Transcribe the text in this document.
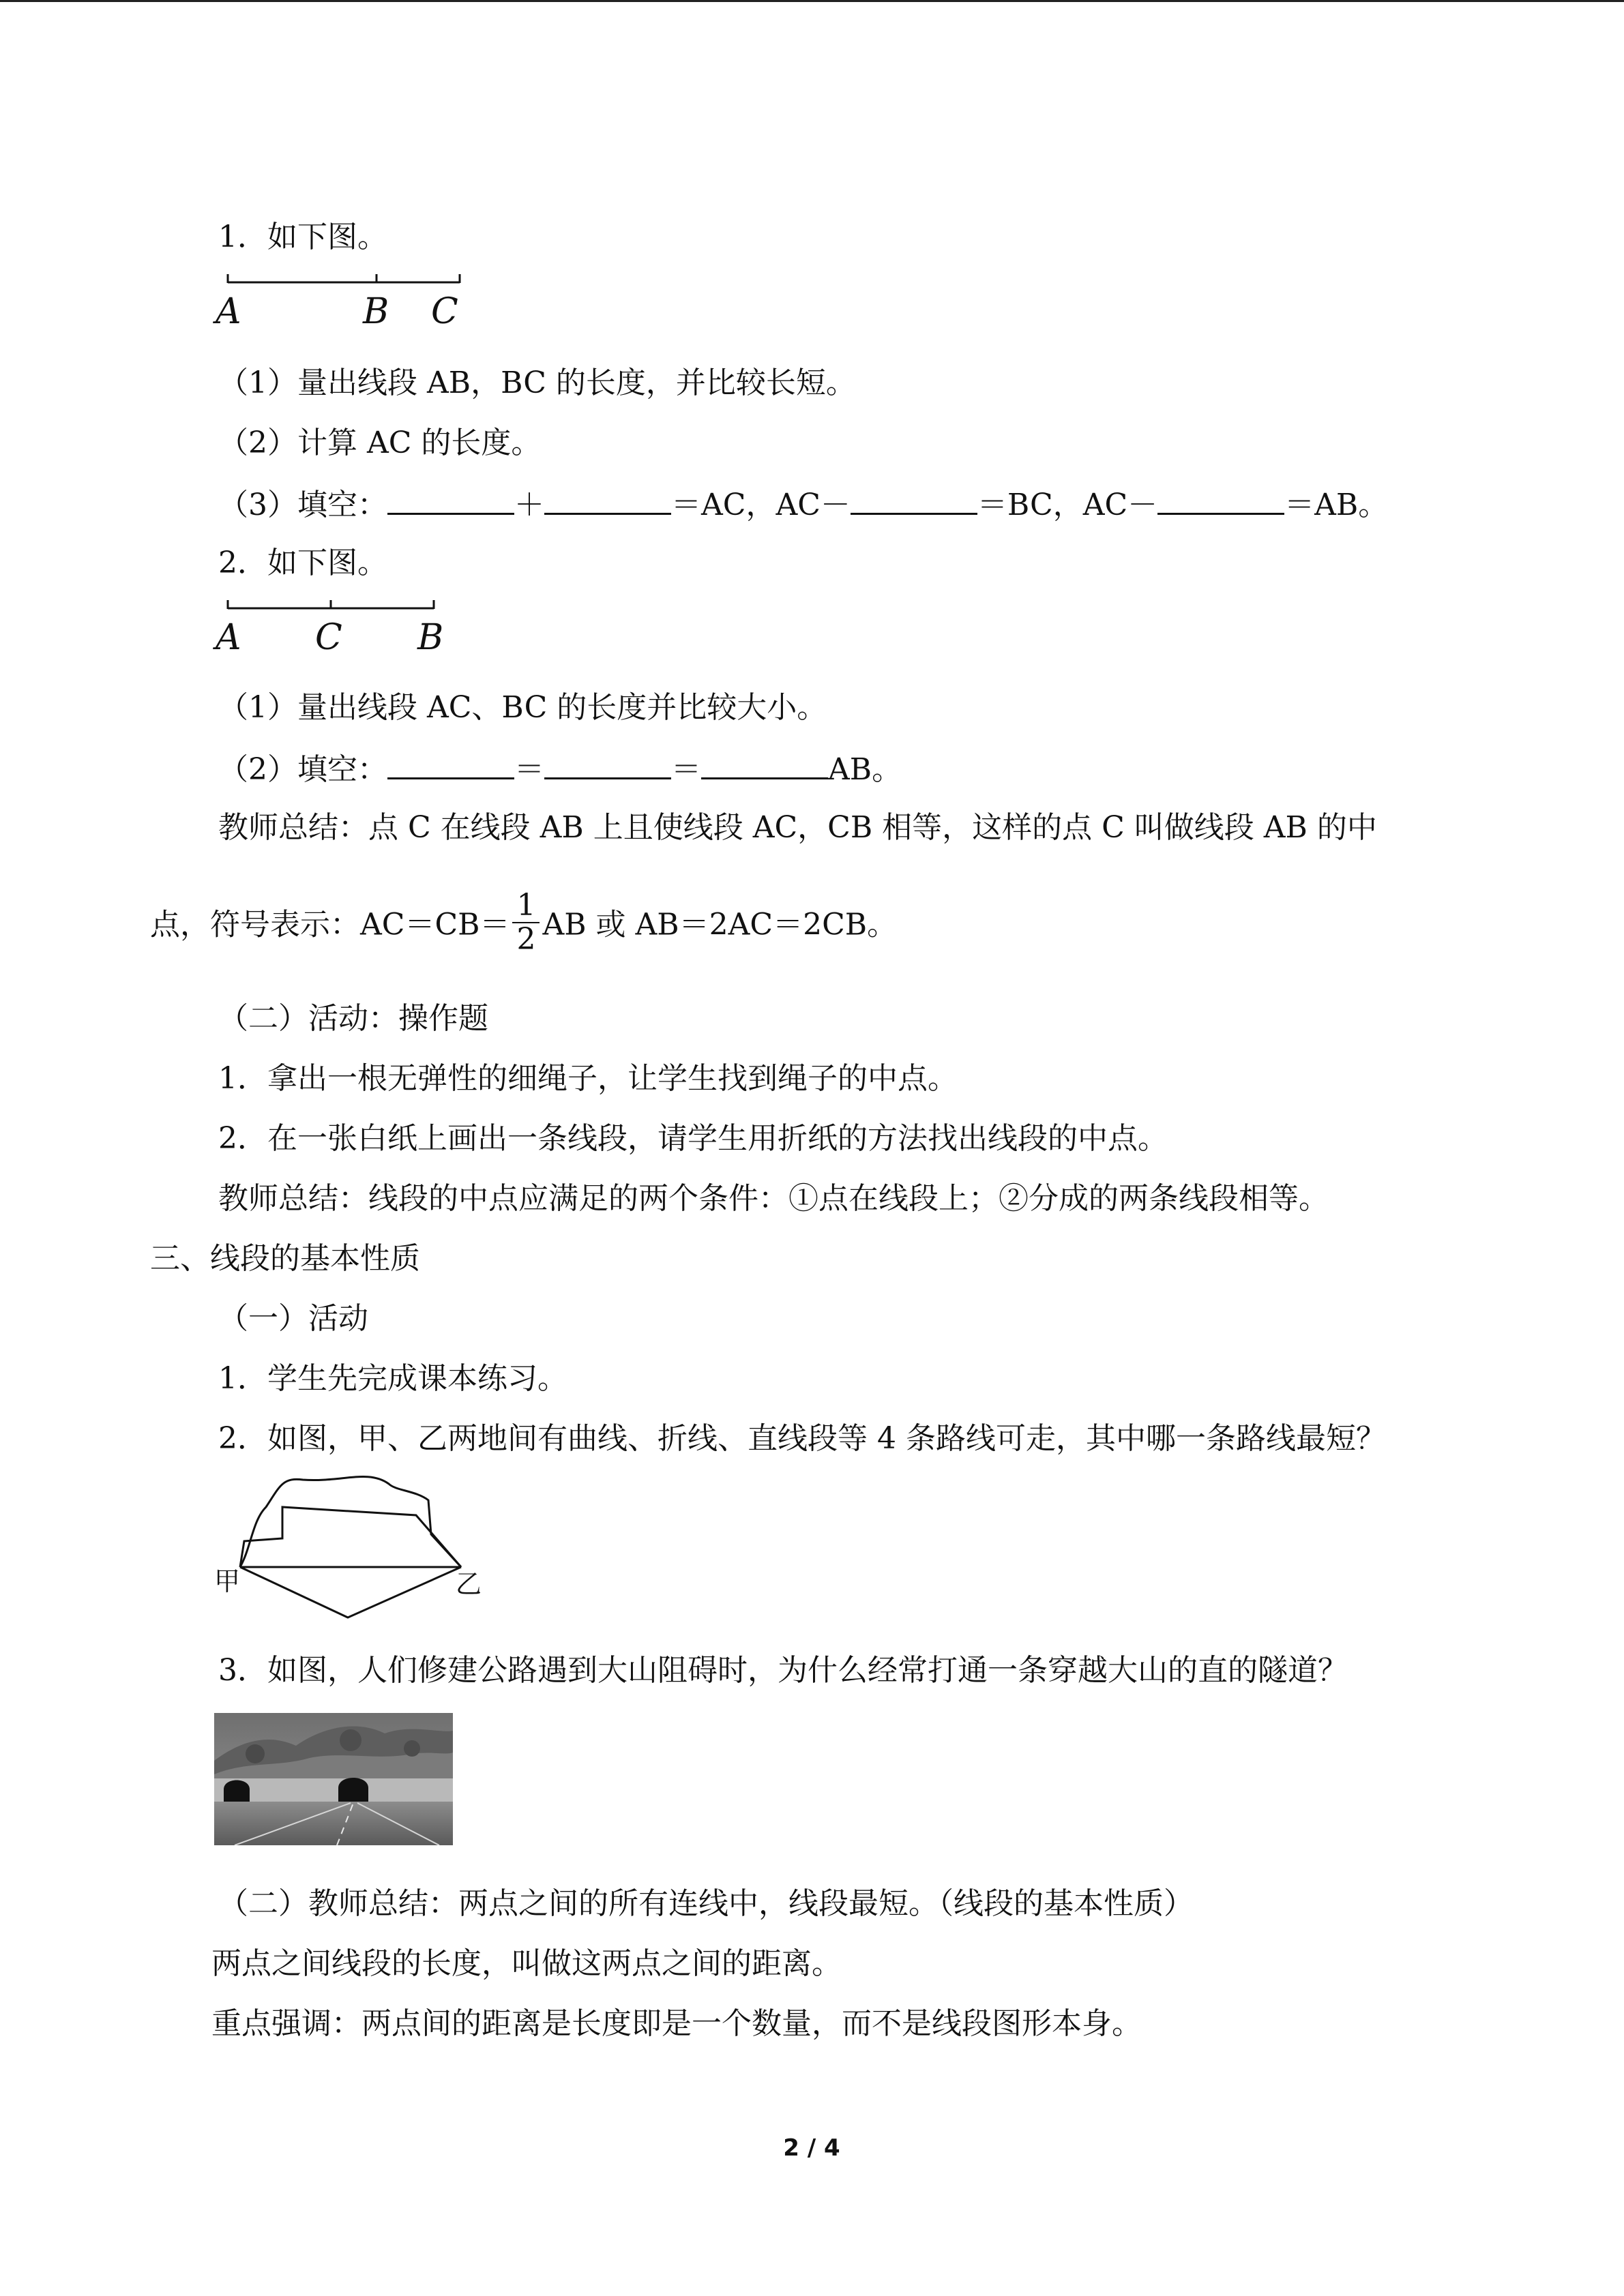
1．如下图。
A	B C
（1）量出线段 AB，BC 的长度，并比较长短。
（2）计算 AC 的长度。
（3）填空：	＋	＝AC，AC－	＝BC，AC－	＝AB。
2．如下图。
A C B
（1）量出线段 AC、BC 的长度并比较大小。
（2）填空：	＝	＝	AB。
教师总结：点 C 在线段 AB 上且使线段 AC，CB 相等，这样的点 C 叫做线段 AB 的中
点，符号表示：$AC=CB= \frac{1}{2}$ AB 或 AB＝2AC＝2CB。
（二）活动：操作题
1．拿出一根无弹性的细绳子，让学生找到绳子的中点。
2．在一张白纸上画出一条线段，请学生用折纸的方法找出线段的中点。
教师总结：线段的中点应满足的两个条件：①点在线段上；②分成的两条线段相等。
三、线段的基本性质
（一）活动
1．学生先完成课本练习。
2．如图，甲、乙两地间有曲线、折线、直线段等 4 条路线可走，其中哪一条路线最短？
甲	乙
3．如图，人们修建公路遇到大山阻碍时，为什么经常打通一条穿越大山的直的隧道？
（二）教师总结：两点之间的所有连线中，线段最短。（线段的基本性质）
两点之间线段的长度，叫做这两点之间的距离。
重点强调：两点间的距离是长度即是一个数量，而不是线段图形本身。
2 / 4
